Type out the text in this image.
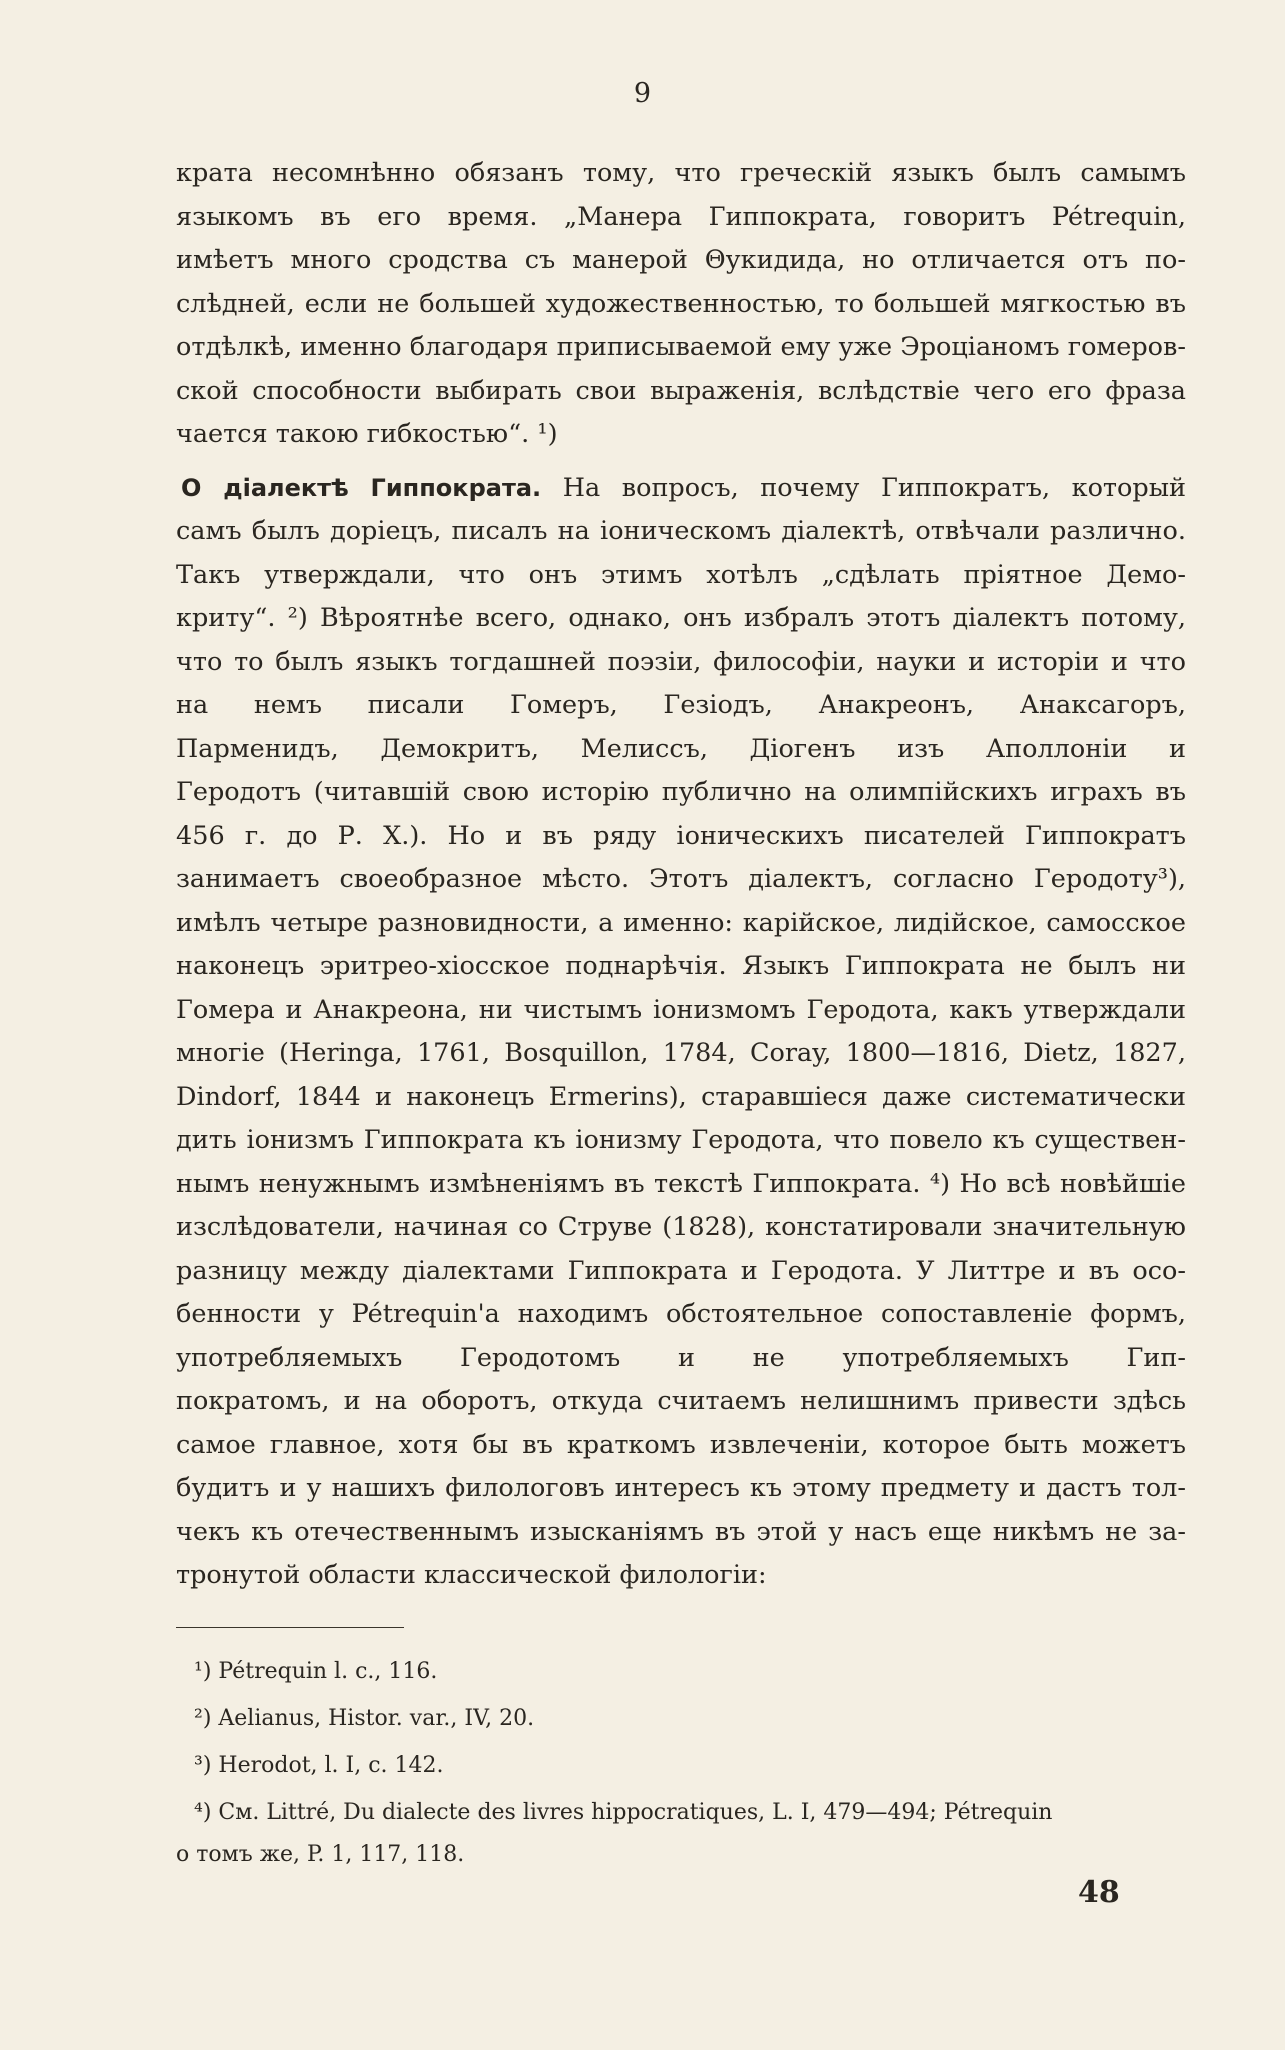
9
крата несомнѣнно обязанъ тому, что греческій языкъ былъ самымъ
языкомъ въ его время. „Манера Гиппократа, говоритъ Pétrequin,
имѣетъ много сродства съ манерой Θукидида, но отличается отъ по-
слѣдней, если не большей художественностью, то большей мягкостью въ
отдѣлкѣ, именно благодаря приписываемой ему уже Эроціаномъ гомеров-
ской способности выбирать свои выраженія, вслѣдствіе чего его фраза
чается такою гибкостью“. ¹)
О діалектѣ Гиппократа. На вопросъ, почему Гиппократъ, который
самъ былъ доріецъ, писалъ на іоническомъ діалектѣ, отвѣчали различно.
Такъ утверждали, что онъ этимъ хотѣлъ „сдѣлать пріятное Демо-
криту“. ²) Вѣроятнѣе всего, однако, онъ избралъ этотъ діалектъ потому,
что то былъ языкъ тогдашней поэзіи, философіи, науки и исторіи и что
на немъ писали Гомеръ, Гезіодъ, Анакреонъ, Анаксагоръ,
Парменидъ, Демокритъ, Мелиссъ, Діогенъ изъ Аполлоніи и
Геродотъ (читавшій свою исторію публично на олимпійскихъ играхъ въ
456 г. до Р. Х.). Но и въ ряду іоническихъ писателей Гиппократъ
занимаетъ своеобразное мѣсто. Этотъ діалектъ, согласно Геродоту³),
имѣлъ четыре разновидности, а именно: карійское, лидійское, самосское
наконецъ эритрео-хіосское поднарѣчія. Языкъ Гиппократа не былъ ни
Гомера и Анакреона, ни чистымъ іонизмомъ Геродота, какъ утверждали
многіе (Heringa, 1761, Bosquillon, 1784, Coray, 1800—1816, Dietz, 1827,
Dindorf, 1844 и наконецъ Ermerins), старавшіеся даже систематически
дить іонизмъ Гиппократа къ іонизму Геродота, что повело къ существен-
нымъ ненужнымъ измѣненіямъ въ текстѣ Гиппократа. ⁴) Но всѣ новѣйшіе
изслѣдователи, начиная со Струве (1828), констатировали значительную
разницу между діалектами Гиппократа и Геродота. У Литтре и въ осо-
бенности у Pétrequin'а находимъ обстоятельное сопоставленіе формъ,
употребляемыхъ Геродотомъ и не употребляемыхъ Гип-
пократомъ, и на оборотъ, откуда считаемъ нелишнимъ привести здѣсь
самое главное, хотя бы въ краткомъ извлеченіи, которое быть можетъ
будитъ и у нашихъ филологовъ интересъ къ этому предмету и дастъ тол-
чекъ къ отечественнымъ изысканіямъ въ этой у насъ еще никѣмъ не за-
тронутой области классической филологіи:
¹) Pétrequin l. c., 116.
²) Aelianus, Histor. var., IV, 20.
³) Herodot, l. I, c. 142.
⁴) См. Littré, Du dialecte des livres hippocratiques, L. I, 479—494; Pétrequin
о томъ же, P. 1, 117, 118.
48
